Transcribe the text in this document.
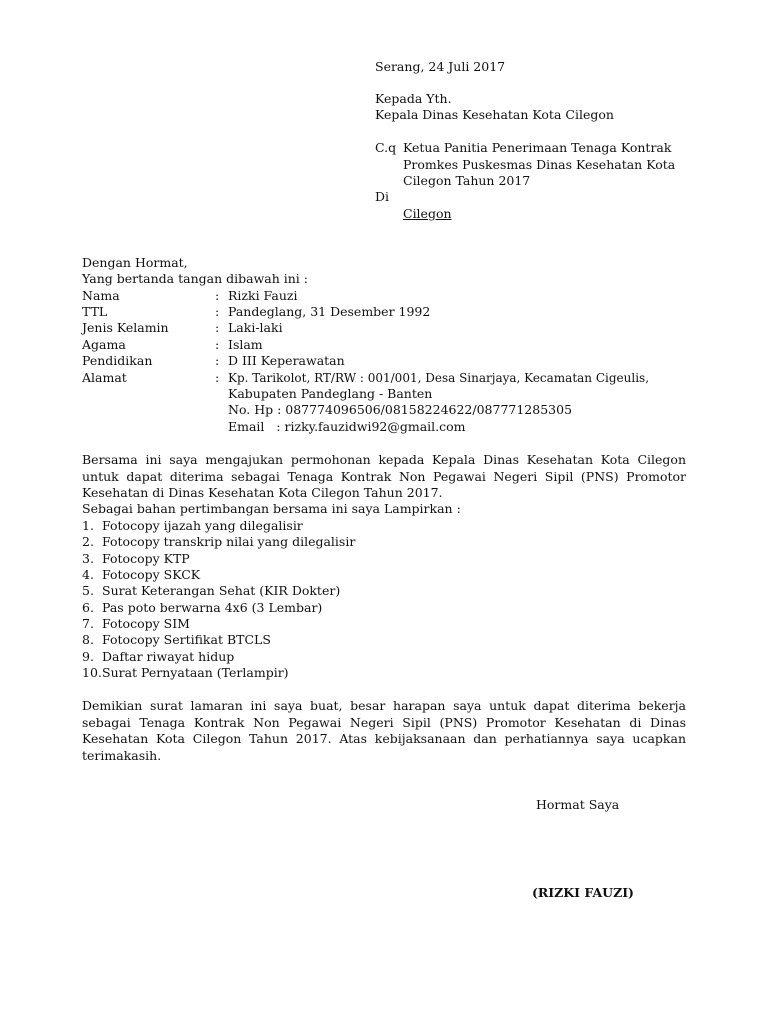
Serang, 24 Juli 2017
Kepada Yth.
Kepala Dinas Kesehatan Kota Cilegon
C.q Ketua Panitia Penerimaan Tenaga Kontrak
Promkes Puskesmas Dinas Kesehatan Kota
Cilegon Tahun 2017
Di
Cilegon
Dengan Hormat,
Yang bertanda tangan dibawah ini :
Nama	: Rizki Fauzi
TTL	: Pandeglang, 31 Desember 1992
Jenis Kelamin	: Laki-laki
Agama	: Islam
Pendidikan	: D III Keperawatan
Alamat	: Kp. Tarikolot, RT/RW : 001/001, Desa Sinarjaya, Kecamatan Cigeulis,
Kabupaten Pandeglang - Banten
No. Hp : 087774096506/08158224622/087771285305
Email   : rizky.fauzidwi92@gmail.com
Bersama ini saya mengajukan permohonan kepada Kepala Dinas Kesehatan Kota Cilegon untuk dapat diterima sebagai Tenaga Kontrak Non Pegawai Negeri Sipil (PNS) Promotor Kesehatan di Dinas Kesehatan Kota Cilegon Tahun 2017.
Sebagai bahan pertimbangan bersama ini saya Lampirkan :
1. Fotocopy ijazah yang dilegalisir
2. Fotocopy transkrip nilai yang dilegalisir
3. Fotocopy KTP
4. Fotocopy SKCK
5. Surat Keterangan Sehat (KIR Dokter)
6. Pas poto berwarna 4x6 (3 Lembar)
7. Fotocopy SIM
8. Fotocopy Sertifikat BTCLS
9. Daftar riwayat hidup
10.Surat Pernyataan (Terlampir)
Demikian surat lamaran ini saya buat, besar harapan saya untuk dapat diterima bekerja sebagai Tenaga Kontrak Non Pegawai Negeri Sipil (PNS) Promotor Kesehatan di Dinas Kesehatan Kota Cilegon Tahun 2017. Atas kebijaksanaan dan perhatiannya saya ucapkan terimakasih.
Hormat Saya
(RIZKI FAUZI)
